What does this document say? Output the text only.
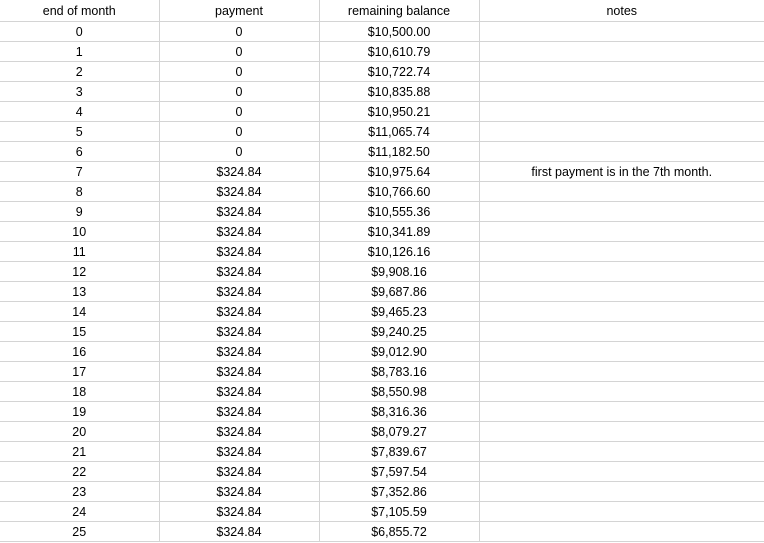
end of month	payment	remaining balance	notes
0	0	$10,500.00	
1	0	$10,610.79	
2	0	$10,722.74	
3	0	$10,835.88	
4	0	$10,950.21	
5	0	$11,065.74	
6	0	$11,182.50	
7	$324.84	$10,975.64	first payment is in the 7th month.
8	$324.84	$10,766.60	
9	$324.84	$10,555.36	
10	$324.84	$10,341.89	
11	$324.84	$10,126.16	
12	$324.84	$9,908.16	
13	$324.84	$9,687.86	
14	$324.84	$9,465.23	
15	$324.84	$9,240.25	
16	$324.84	$9,012.90	
17	$324.84	$8,783.16	
18	$324.84	$8,550.98	
19	$324.84	$8,316.36	
20	$324.84	$8,079.27	
21	$324.84	$7,839.67	
22	$324.84	$7,597.54	
23	$324.84	$7,352.86	
24	$324.84	$7,105.59	
25	$324.84	$6,855.72	
